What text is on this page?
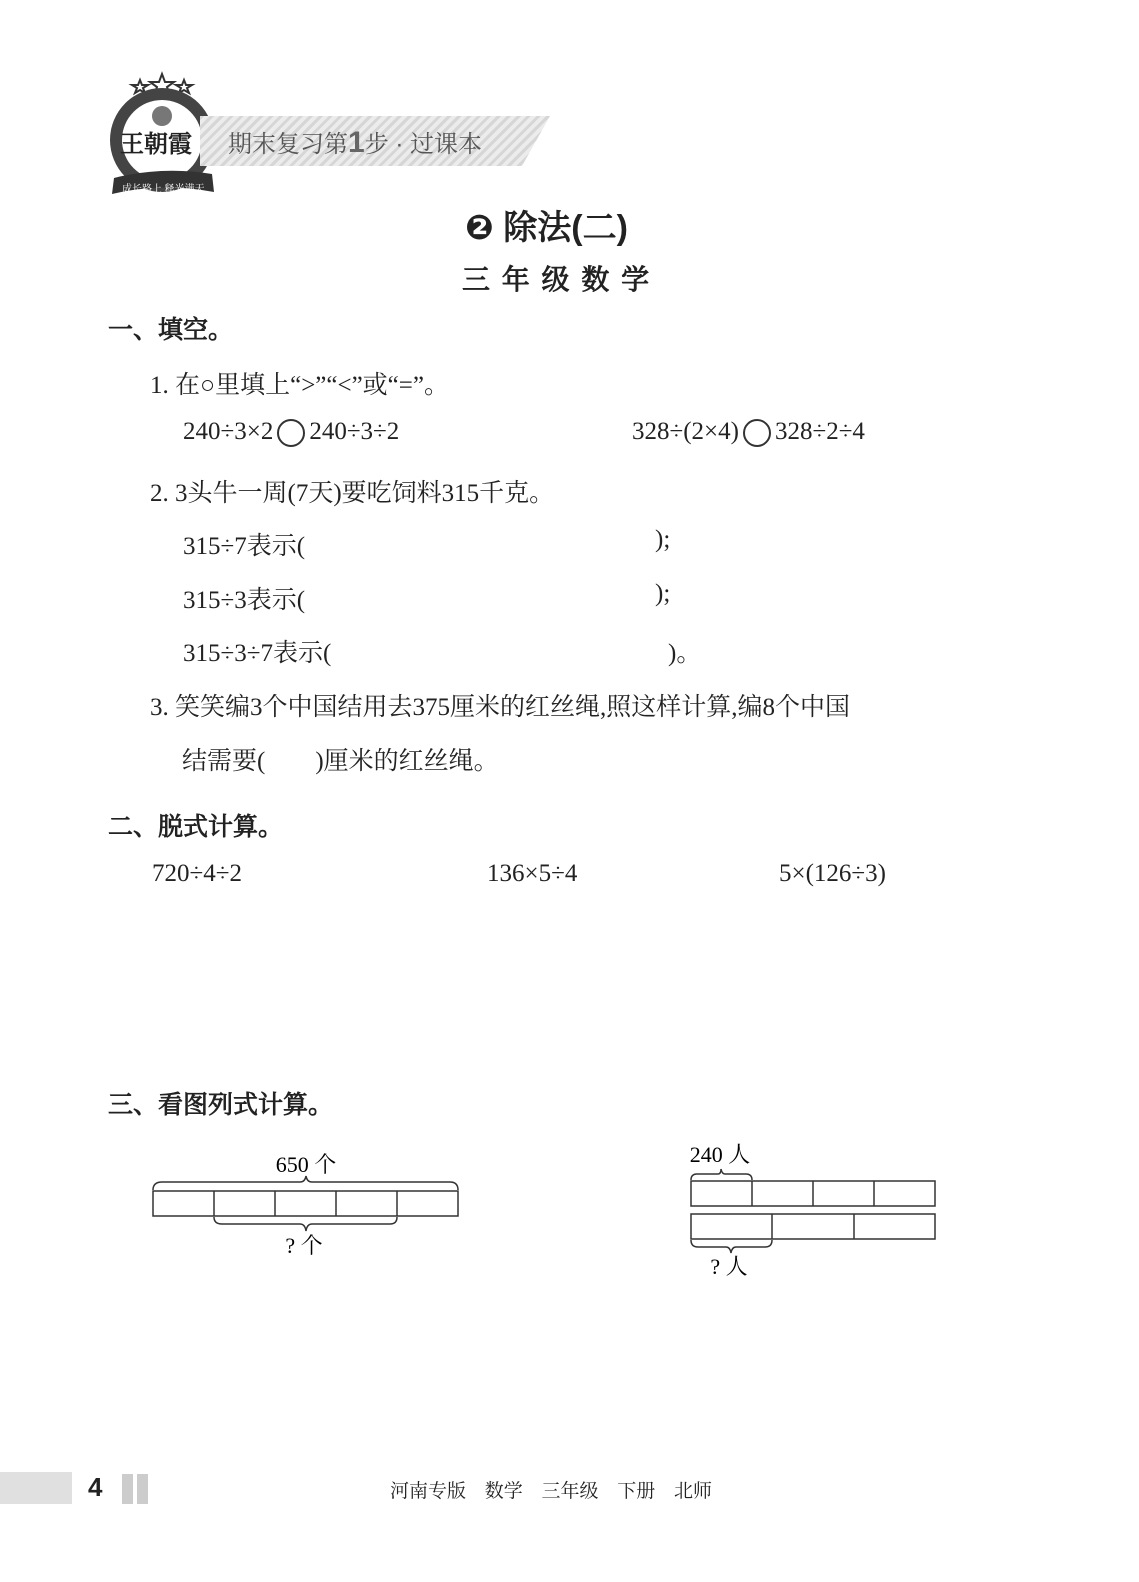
王朝霞
成长路上 释光满天
期末复习第1步 · 过课本
❷ 除法(二)
三 年 级 数 学
一、填空。
1. 在○里填上“>”“<”或“=”。
240÷3×2 240÷3÷2	328÷(2×4) 328÷2÷4
2. 3头牛一周(7天)要吃饲料315千克。
315÷7表示(	);
315÷3表示(	);
315÷3÷7表示(	)。
3. 笑笑编3个中国结用去375厘米的红丝绳,照这样计算,编8个中国
结需要(        )厘米的红丝绳。
二、脱式计算。
720÷4÷2	136×5÷4	5×(126÷3)
三、看图列式计算。
650 个
? 个
240 人
? 人
4	河南专版 数学 三年级 下册 北师
